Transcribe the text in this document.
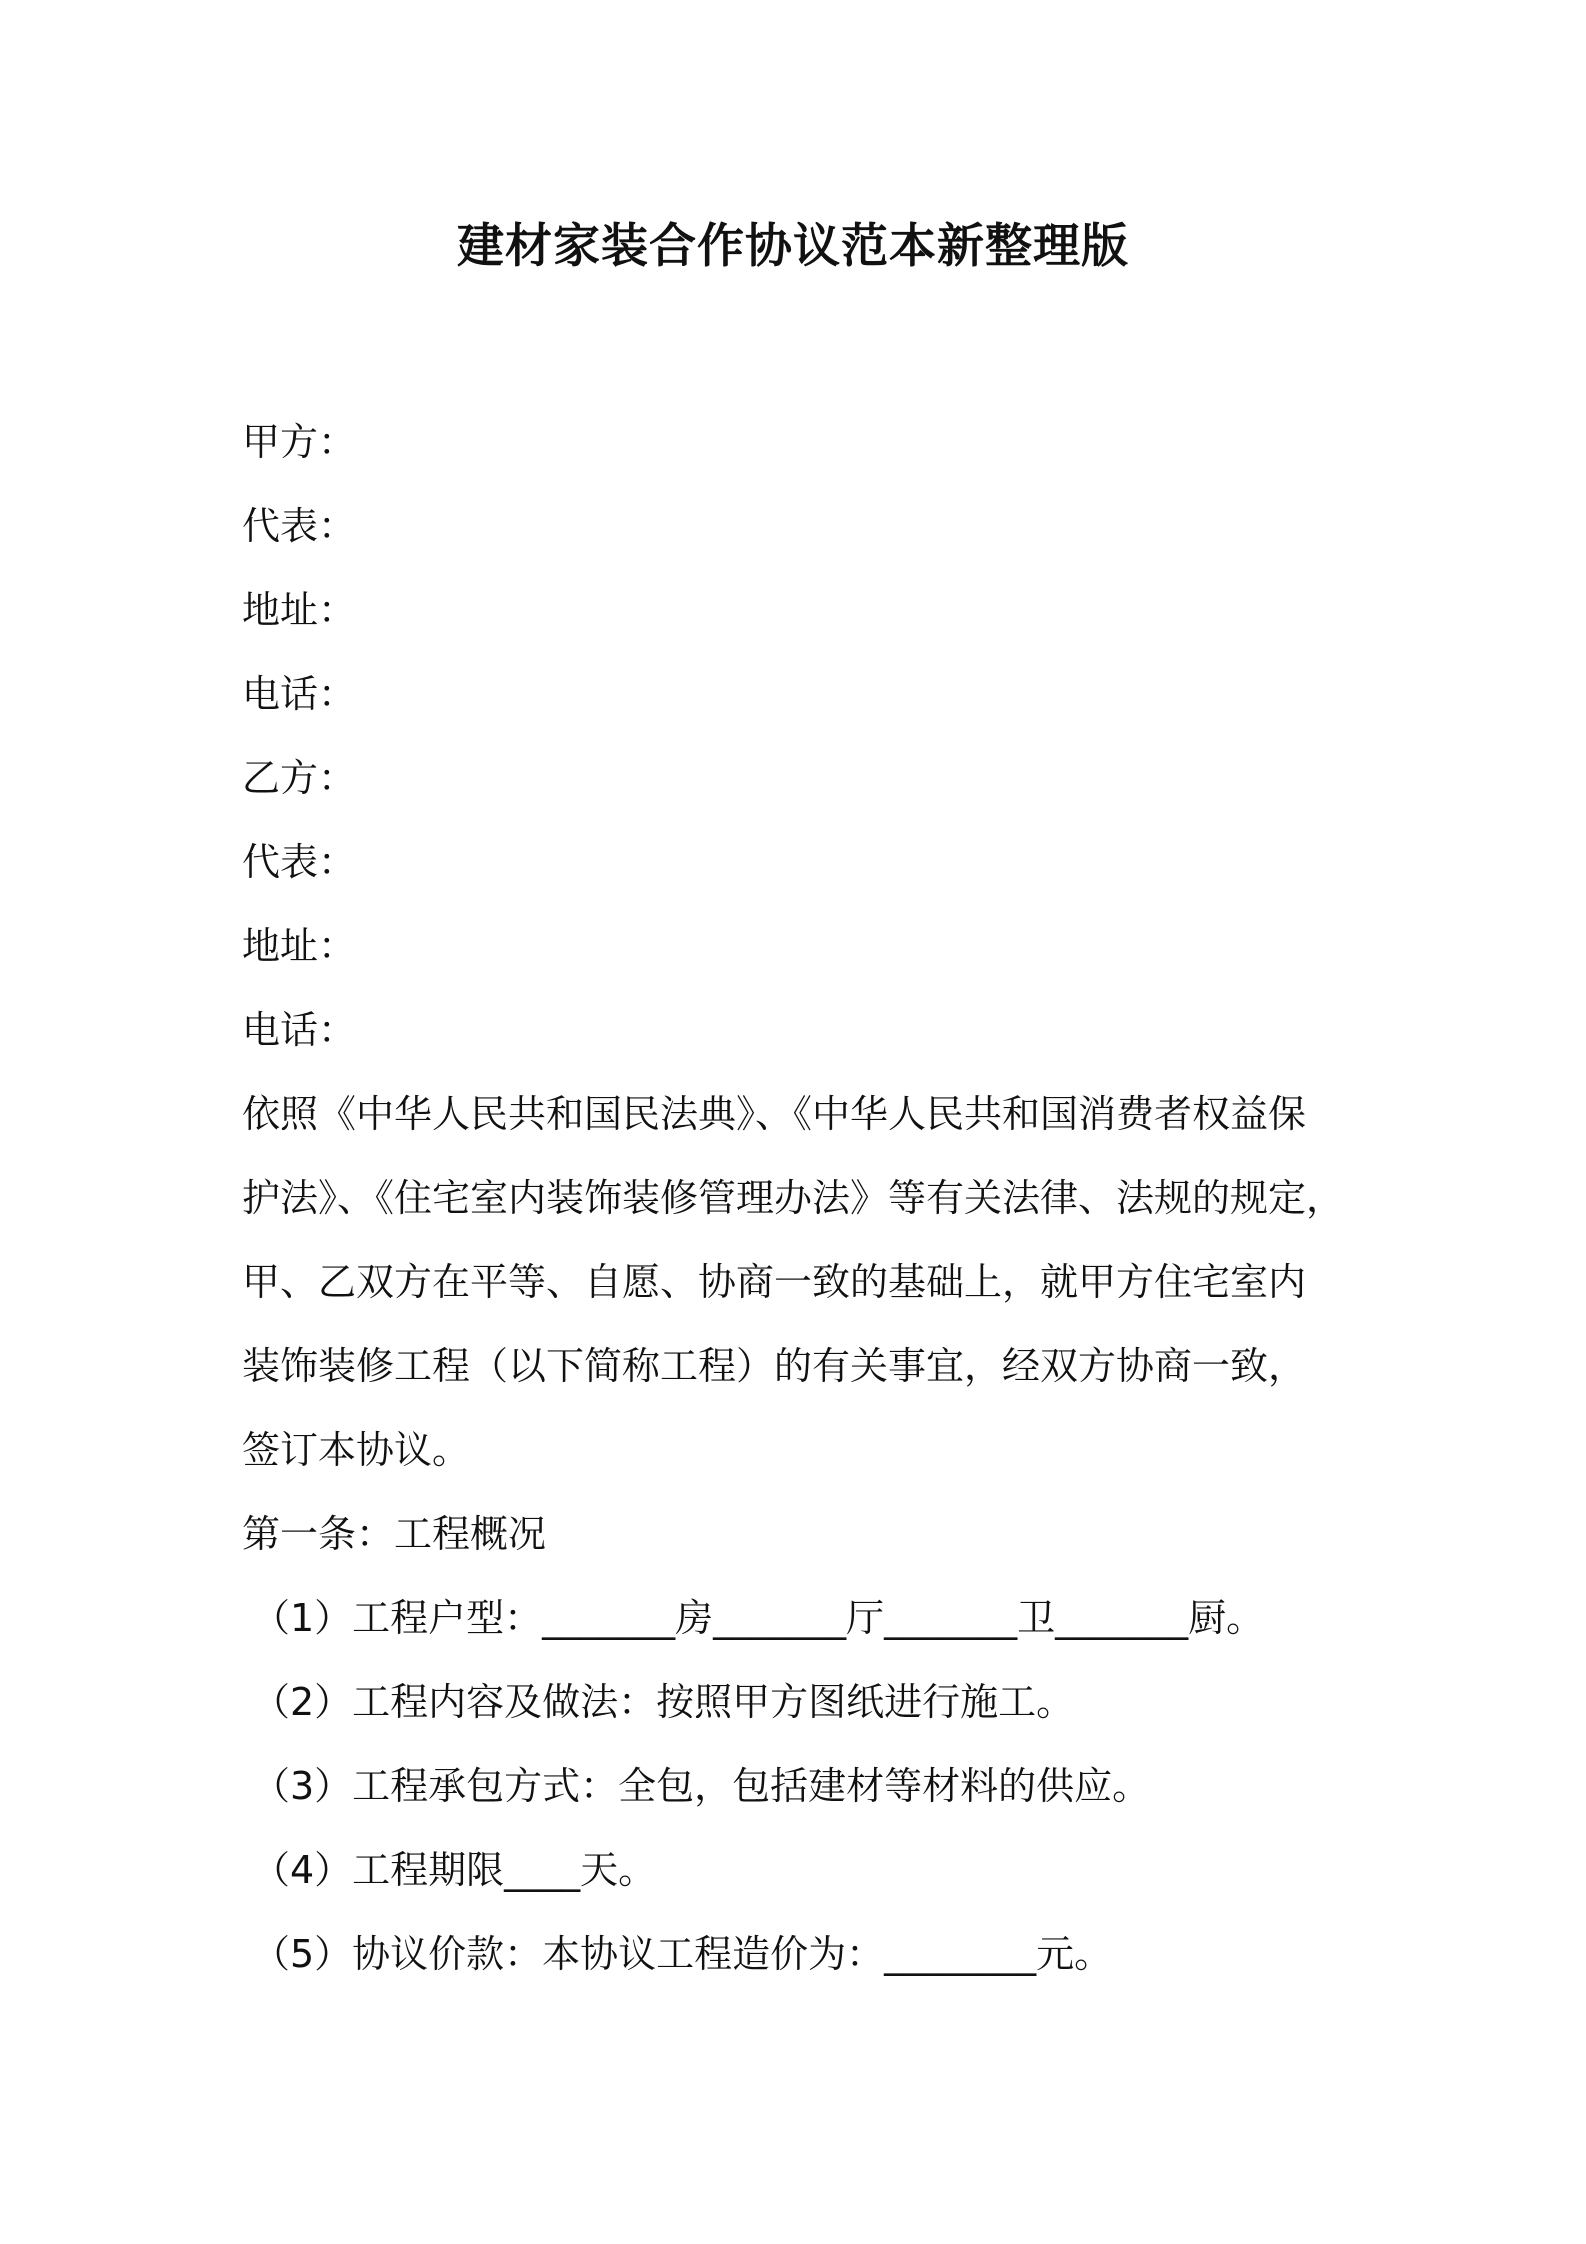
建材家装合作协议范本新整理版
甲方：
代表：
地址：
电话：
乙方：
代表：
地址：
电话：
依照《中华人民共和国民法典》、《中华人民共和国消费者权益保
护法》、《住宅室内装饰装修管理办法》等有关法律、法规的规定，
甲、乙双方在平等、自愿、协商一致的基础上，就甲方住宅室内
装饰装修工程（以下简称工程）的有关事宜，经双方协商一致，
签订本协议。
第一条：工程概况
（1）工程户型：_______房_______厅_______卫_______厨。
（2）工程内容及做法：按照甲方图纸进行施工。
（3）工程承包方式：全包，包括建材等材料的供应。
（4）工程期限____天。
（5）协议价款：本协议工程造价为：________元。
